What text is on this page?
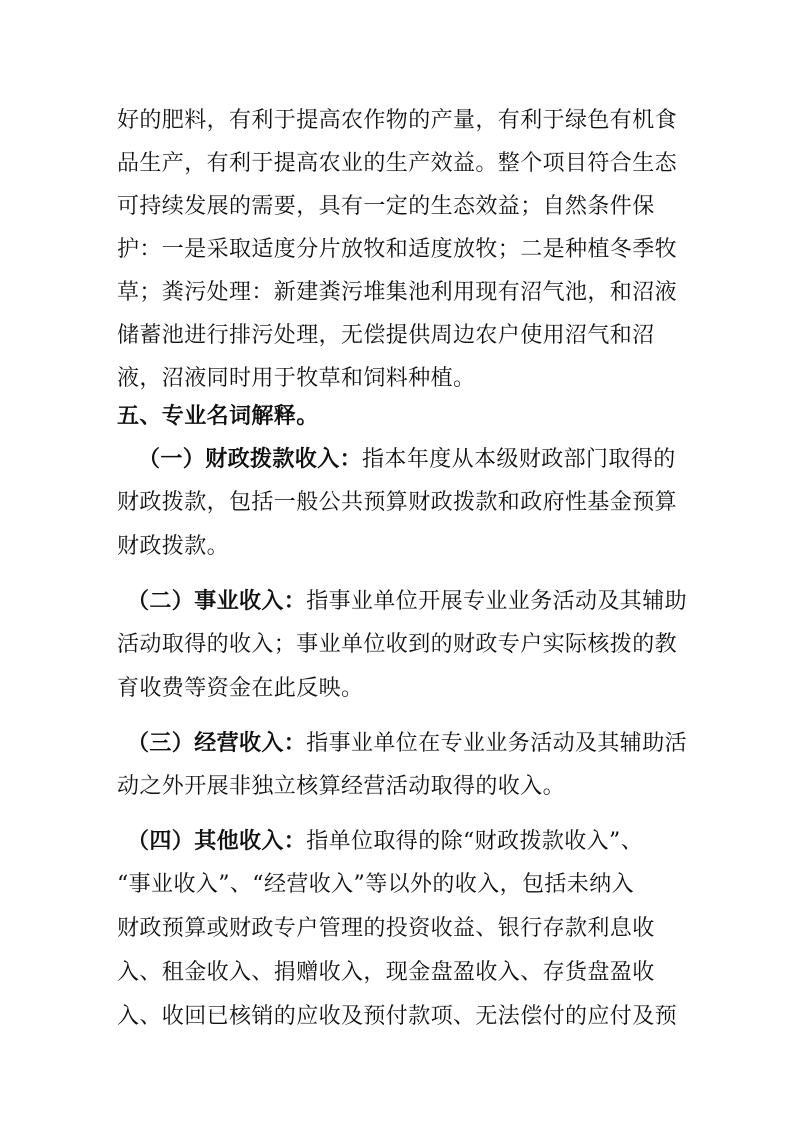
好的肥料，有利于提高农作物的产量，有利于绿色有机食
品生产，有利于提高农业的生产效益。整个项目符合生态
可持续发展的需要，具有一定的生态效益；自然条件保
护：一是采取适度分片放牧和适度放牧；二是种植冬季牧
草；粪污处理：新建粪污堆集池利用现有沼气池，和沼液
储蓄池进行排污处理，无偿提供周边农户使用沼气和沼
液，沼液同时用于牧草和饲料种植。
五、专业名词解释。
（一）财政拨款收入：指本年度从本级财政部门取得的
财政拨款，包括一般公共预算财政拨款和政府性基金预算
财政拨款。
（二）事业收入：指事业单位开展专业业务活动及其辅助
活动取得的收入；事业单位收到的财政专户实际核拨的教
育收费等资金在此反映。
（三）经营收入：指事业单位在专业业务活动及其辅助活
动之外开展非独立核算经营活动取得的收入。
（四）其他收入：指单位取得的除“财政拨款收入”、
“事业收入”、“经营收入”等以外的收入，包括未纳入
财政预算或财政专户管理的投资收益、银行存款利息收
入、租金收入、捐赠收入，现金盘盈收入、存货盘盈收
入、收回已核销的应收及预付款项、无法偿付的应付及预
